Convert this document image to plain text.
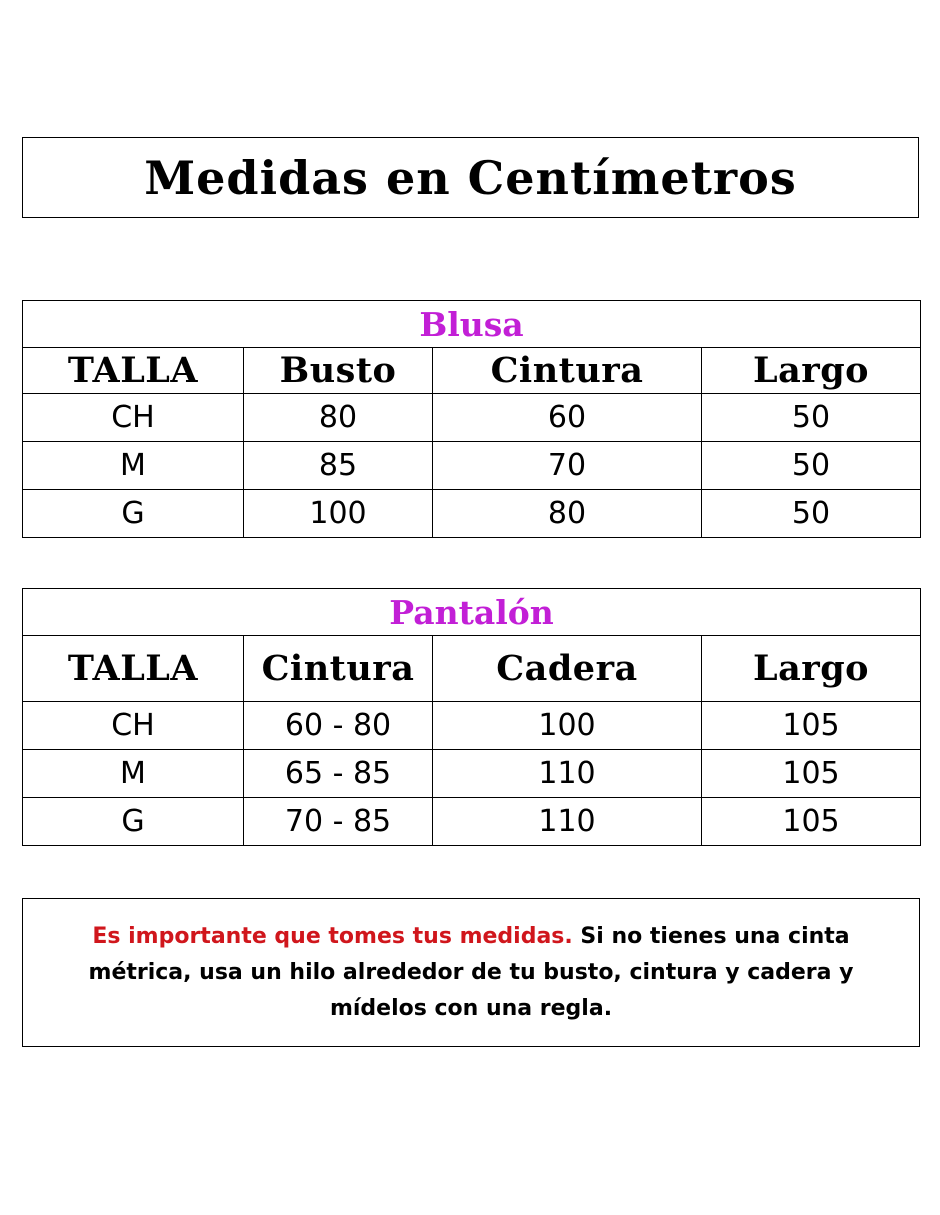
Medidas en Centímetros
Blusa			
TALLA	Busto	Cintura	Largo
CH	80	60	50
M	85	70	50
G	100	80	50
Pantalón			
TALLA	Cintura	Cadera	Largo
CH	60 - 80	100	105
M	65 - 85	110	105
G	70 - 85	110	105

Es importante que tomes tus medidas. Si no tienes una cinta métrica, usa un hilo alrededor de tu busto, cintura y cadera y mídelos con una regla.
